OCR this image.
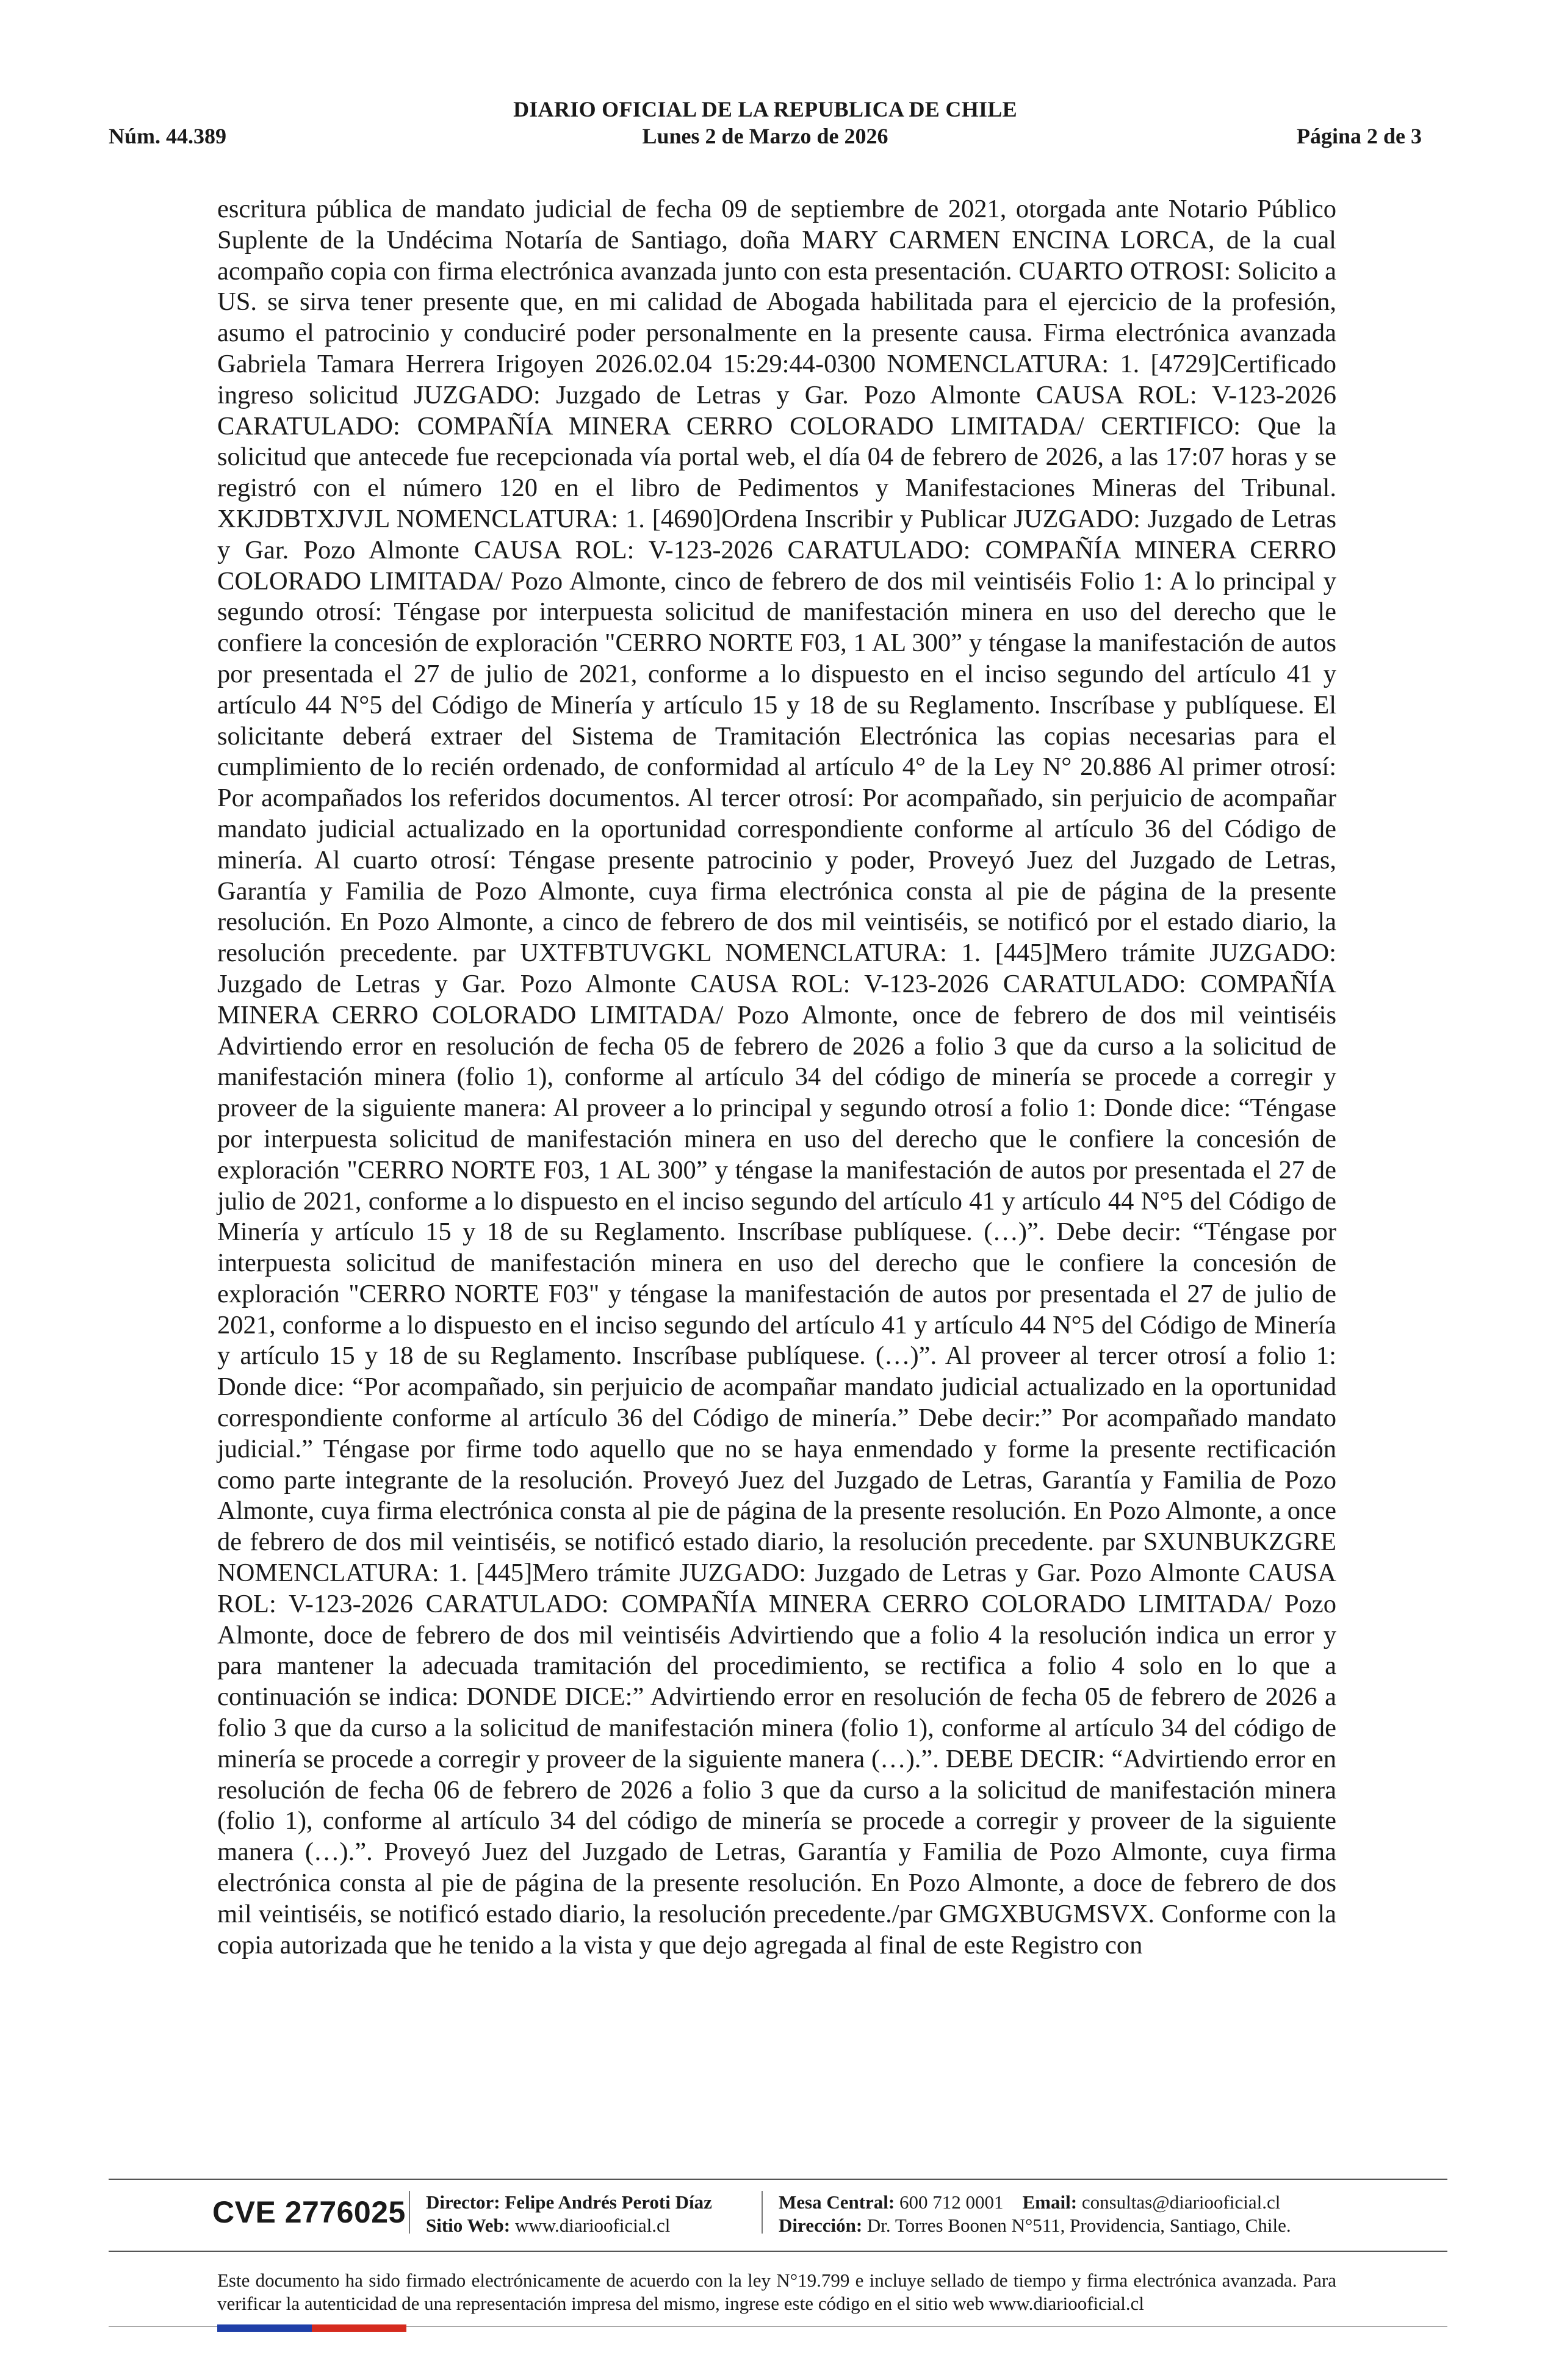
DIARIO OFICIAL DE LA REPUBLICA DE CHILE
Núm. 44.389	Lunes 2 de Marzo de 2026	Página 2 de 3

escritura pública de mandato judicial de fecha 09 de septiembre de 2021, otorgada ante Notario Público Suplente de la Undécima Notaría de Santiago, doña MARY CARMEN ENCINA LORCA, de la cual acompaño copia con firma electrónica avanzada junto con esta presentación. CUARTO OTROSI: Solicito a US. se sirva tener presente que, en mi calidad de Abogada habilitada para el ejercicio de la profesión, asumo el patrocinio y conduciré poder personalmente en la presente causa. Firma electrónica avanzada Gabriela Tamara Herrera Irigoyen 2026.02.04 15:29:44-0300 NOMENCLATURA: 1. [4729]Certificado ingreso solicitud JUZGADO: Juzgado de Letras y Gar. Pozo Almonte CAUSA ROL: V-123-2026 CARATULADO: COMPAÑÍA MINERA CERRO COLORADO LIMITADA/ CERTIFICO: Que la solicitud que antecede fue recepcionada vía portal web, el día 04 de febrero de 2026, a las 17:07 horas y se registró con el número 120 en el libro de Pedimentos y Manifestaciones Mineras del Tribunal. XKJDBTXJVJL NOMENCLATURA: 1. [4690]Ordena Inscribir y Publicar JUZGADO: Juzgado de Letras y Gar. Pozo Almonte CAUSA ROL: V-123-2026 CARATULADO: COMPAÑÍA MINERA CERRO COLORADO LIMITADA/ Pozo Almonte, cinco de febrero de dos mil veintiséis Folio 1: A lo principal y segundo otrosí: Téngase por interpuesta solicitud de manifestación minera en uso del derecho que le confiere la concesión de exploración "CERRO NORTE F03, 1 AL 300” y téngase la manifestación de autos por presentada el 27 de julio de 2021, conforme a lo dispuesto en el inciso segundo del artículo 41 y artículo 44 N°5 del Código de Minería y artículo 15 y 18 de su Reglamento. Inscríbase y publíquese. El solicitante deberá extraer del Sistema de Tramitación Electrónica las copias necesarias para el cumplimiento de lo recién ordenado, de conformidad al artículo 4° de la Ley N° 20.886 Al primer otrosí: Por acompañados los referidos documentos. Al tercer otrosí: Por acompañado, sin perjuicio de acompañar mandato judicial actualizado en la oportunidad correspondiente conforme al artículo 36 del Código de minería. Al cuarto otrosí: Téngase presente patrocinio y poder, Proveyó Juez del Juzgado de Letras, Garantía y Familia de Pozo Almonte, cuya firma electrónica consta al pie de página de la presente resolución. En Pozo Almonte, a cinco de febrero de dos mil veintiséis, se notificó por el estado diario, la resolución precedente. par UXTFBTUVGKL NOMENCLATURA: 1. [445]Mero trámite JUZGADO: Juzgado de Letras y Gar. Pozo Almonte CAUSA ROL: V-123-2026 CARATULADO: COMPAÑÍA MINERA CERRO COLORADO LIMITADA/ Pozo Almonte, once de febrero de dos mil veintiséis Advirtiendo error en resolución de fecha 05 de febrero de 2026 a folio 3 que da curso a la solicitud de manifestación minera (folio 1), conforme al artículo 34 del código de minería se procede a corregir y proveer de la siguiente manera: Al proveer a lo principal y segundo otrosí a folio 1: Donde dice: “Téngase por interpuesta solicitud de manifestación minera en uso del derecho que le confiere la concesión de exploración "CERRO NORTE F03, 1 AL 300” y téngase la manifestación de autos por presentada el 27 de julio de 2021, conforme a lo dispuesto en el inciso segundo del artículo 41 y artículo 44 N°5 del Código de Minería y artículo 15 y 18 de su Reglamento. Inscríbase publíquese. (…)”. Debe decir: “Téngase por interpuesta solicitud de manifestación minera en uso del derecho que le confiere la concesión de exploración "CERRO NORTE F03" y téngase la manifestación de autos por presentada el 27 de julio de 2021, conforme a lo dispuesto en el inciso segundo del artículo 41 y artículo 44 N°5 del Código de Minería y artículo 15 y 18 de su Reglamento. Inscríbase publíquese. (…)”. Al proveer al tercer otrosí a folio 1: Donde dice: “Por acompañado, sin perjuicio de acompañar mandato judicial actualizado en la oportunidad correspondiente conforme al artículo 36 del Código de minería.” Debe decir:” Por acompañado mandato judicial.” Téngase por firme todo aquello que no se haya enmendado y forme la presente rectificación como parte integrante de la resolución. Proveyó Juez del Juzgado de Letras, Garantía y Familia de Pozo Almonte, cuya firma electrónica consta al pie de página de la presente resolución. En Pozo Almonte, a once de febrero de dos mil veintiséis, se notificó estado diario, la resolución precedente. par SXUNBUKZGRE NOMENCLATURA: 1. [445]Mero trámite JUZGADO: Juzgado de Letras y Gar. Pozo Almonte CAUSA ROL: V-123-2026 CARATULADO: COMPAÑÍA MINERA CERRO COLORADO LIMITADA/ Pozo Almonte, doce de febrero de dos mil veintiséis Advirtiendo que a folio 4 la resolución indica un error y para mantener la adecuada tramitación del procedimiento, se rectifica a folio 4 solo en lo que a continuación se indica: DONDE DICE:” Advirtiendo error en resolución de fecha 05 de febrero de 2026 a folio 3 que da curso a la solicitud de manifestación minera (folio 1), conforme al artículo 34 del código de minería se procede a corregir y proveer de la siguiente manera (…).”. DEBE DECIR: “Advirtiendo error en resolución de fecha 06 de febrero de 2026 a folio 3 que da curso a la solicitud de manifestación minera (folio 1), conforme al artículo 34 del código de minería se procede a corregir y proveer de la siguiente manera (…).”. Proveyó Juez del Juzgado de Letras, Garantía y Familia de Pozo Almonte, cuya firma electrónica consta al pie de página de la presente resolución. En Pozo Almonte, a doce de febrero de dos mil veintiséis, se notificó estado diario, la resolución precedente./par GMGXBUGMSVX. Conforme con la copia autorizada que he tenido a la vista y que dejo agregada al final de este Registro con

CVE 2776025 Director: Felipe Andrés Peroti Díaz
Sitio Web: www.diariooficial.cl
Mesa Central: 600 712 0001 Email: consultas@diariooficial.cl
Dirección: Dr. Torres Boonen N°511, Providencia, Santiago, Chile.
Este documento ha sido firmado electrónicamente de acuerdo con la ley N°19.799 e incluye sellado de tiempo y firma electrónica avanzada. Para verificar la autenticidad de una representación impresa del mismo, ingrese este código en el sitio web www.diariooficial.cl
